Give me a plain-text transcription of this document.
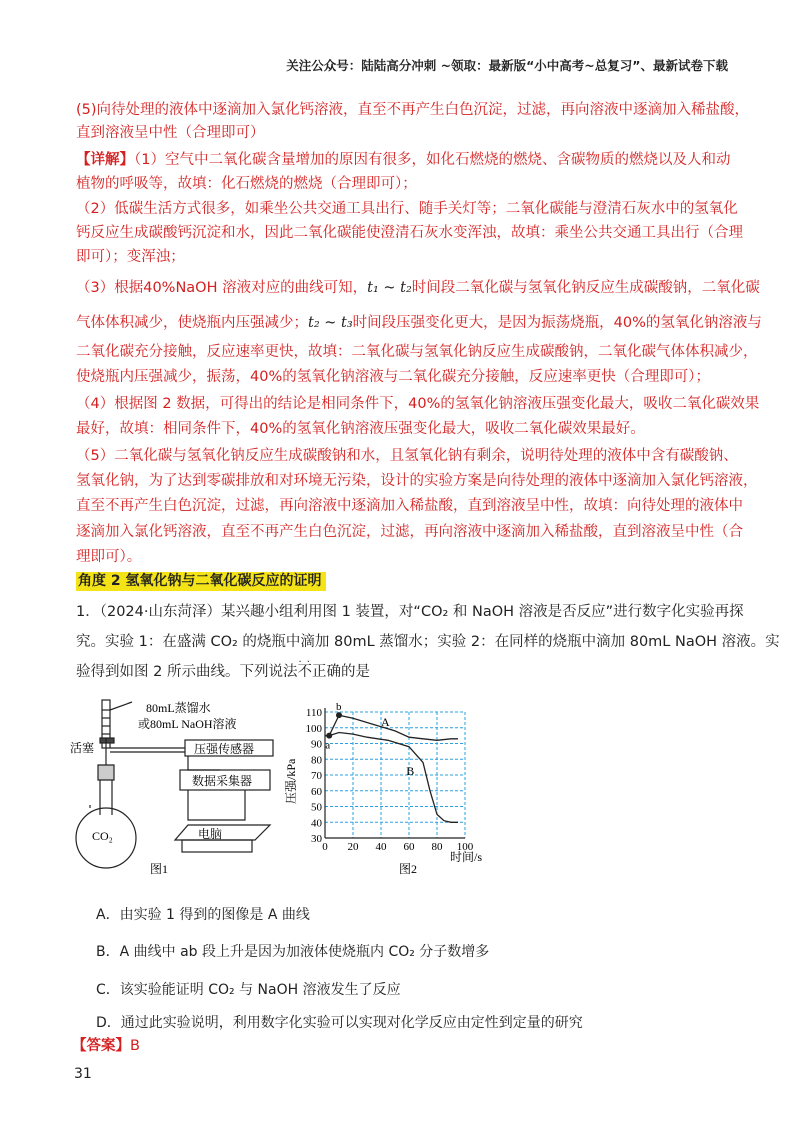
关注公众号：陆陆高分冲刺 ~领取：最新版“小中高考~总复习”、最新试卷下载
(5)向待处理的液体中逐滴加入氯化钙溶液，直至不再产生白色沉淀，过滤，再向溶液中逐滴加入稀盐酸，
直到溶液呈中性（合理即可）
【详解】（1）空气中二氧化碳含量增加的原因有很多，如化石燃烧的燃烧、含碳物质的燃烧以及人和动
植物的呼吸等，故填：化石燃烧的燃烧（合理即可）；
（2）低碳生活方式很多，如乘坐公共交通工具出行、随手关灯等；二氧化碳能与澄清石灰水中的氢氧化
钙反应生成碳酸钙沉淀和水，因此二氧化碳能使澄清石灰水变浑浊，故填：乘坐公共交通工具出行（合理
即可）；变浑浊；
（3）根据40%NaOH 溶液对应的曲线可知，t₁ ~ t₂时间段二氧化碳与氢氧化钠反应生成碳酸钠，二氧化碳
气体体积减少，使烧瓶内压强减少；t₂ ~ t₃时间段压强变化更大，是因为振荡烧瓶，40%的氢氧化钠溶液与
二氧化碳充分接触，反应速率更快，故填：二氧化碳与氢氧化钠反应生成碳酸钠，二氧化碳气体体积减少，
使烧瓶内压强减少，振荡，40%的氢氧化钠溶液与二氧化碳充分接触，反应速率更快（合理即可）；
（4）根据图 2 数据，可得出的结论是相同条件下，40%的氢氧化钠溶液压强变化最大，吸收二氧化碳效果
最好，故填：相同条件下，40%的氢氧化钠溶液压强变化最大，吸收二氧化碳效果最好。
（5）二氧化碳与氢氧化钠反应生成碳酸钠和水，且氢氧化钠有剩余，说明待处理的液体中含有碳酸钠、
氢氧化钠，为了达到零碳排放和对环境无污染，设计的实验方案是向待处理的液体中逐滴加入氯化钙溶液，
直至不再产生白色沉淀，过滤，再向溶液中逐滴加入稀盐酸，直到溶液呈中性，故填：向待处理的液体中
逐滴加入氯化钙溶液，直至不再产生白色沉淀，过滤，再向溶液中逐滴加入稀盐酸，直到溶液呈中性（合
理即可）。
角度 2 氢氧化钠与二氧化碳反应的证明
1．（2024·山东菏泽）某兴趣小组利用图 1 装置，对“CO₂ 和 NaOH 溶液是否反应”进行数字化实验再探
究。实验 1：在盛满 CO₂ 的烧瓶中滴加 80mL 蒸馏水；实验 2：在同样的烧瓶中滴加 80mL NaOH 溶液。实
验得到如图 2 所示曲线。下列说法· · 不正确的是
80mL蒸馏水
或80mL NaOH溶液
活塞	压强传感器
数据采集器
CO₂	电脑
图1
0 20 40 60 80 100
30
40
50
60
70
80
90
100
110
a
b
A
B
压强/kPa
时间/s
图2
A．由实验 1 得到的图像是 A 曲线
B．A 曲线中 ab 段上升是因为加液体使烧瓶内 CO₂ 分子数增多
C．该实验能证明 CO₂ 与 NaOH 溶液发生了反应
D．通过此实验说明，利用数字化实验可以实现对化学反应由定性到定量的研究
【答案】B
31
